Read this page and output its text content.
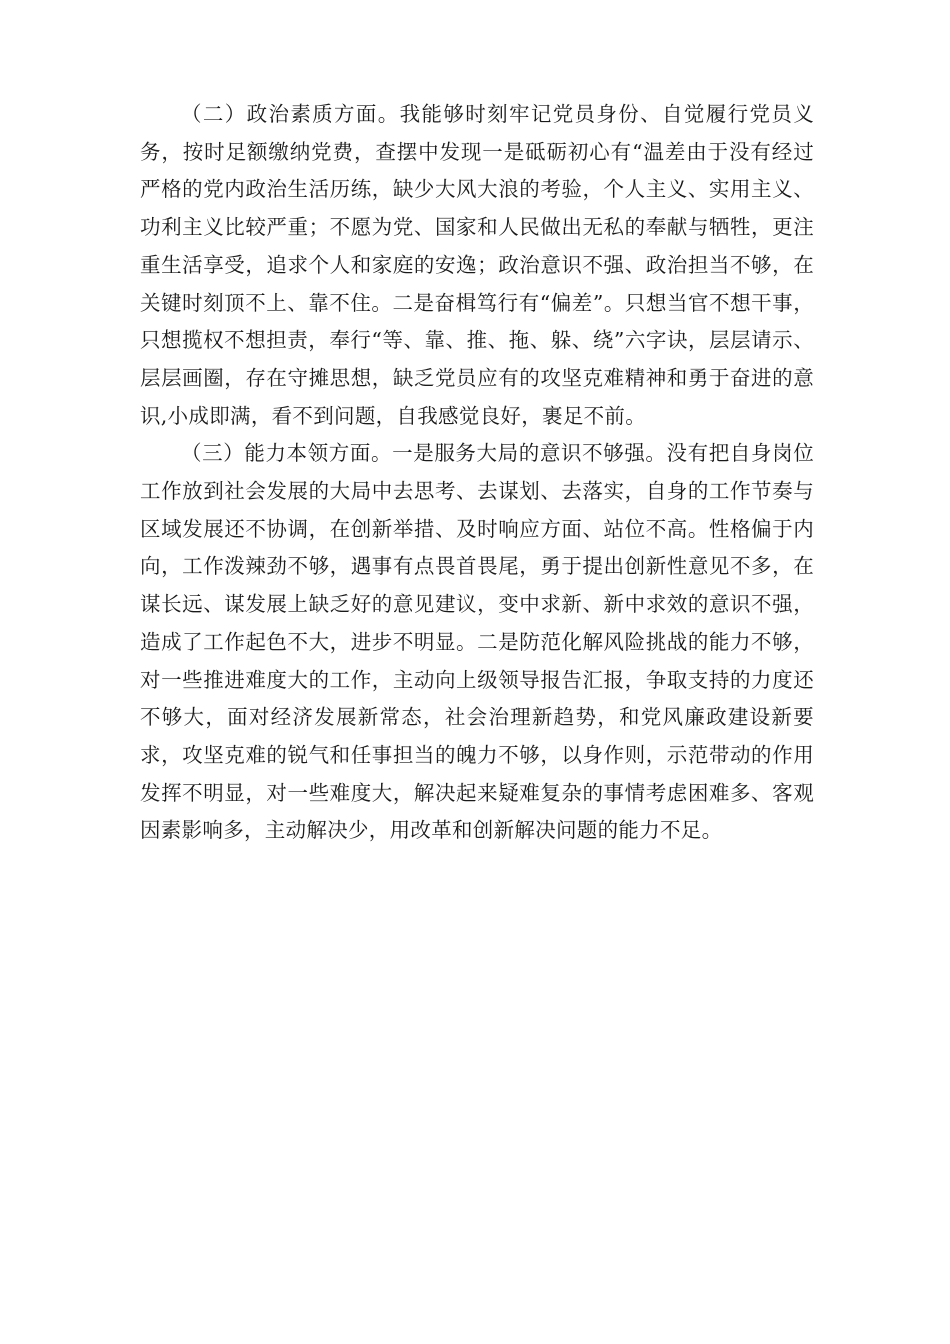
（二）政治素质方面。我能够时刻牢记党员身份、自觉履行党员义务，按时足额缴纳党费，查摆中发现一是砥砺初心有“温差由于没有经过严格的党内政治生活历练，缺少大风大浪的考验，个人主义、实用主义、功利主义比较严重；不愿为党、国家和人民做出无私的奉献与牺牲，更注重生活享受，追求个人和家庭的安逸；政治意识不强、政治担当不够，在关键时刻顶不上、靠不住。二是奋楫笃行有“偏差”。只想当官不想干事，只想揽权不想担责，奉行“等、靠、推、拖、躲、绕”六字诀，层层请示、层层画圈，存在守摊思想，缺乏党员应有的攻坚克难精神和勇于奋进的意识,小成即满，看不到问题，自我感觉良好，裹足不前。

（三）能力本领方面。一是服务大局的意识不够强。没有把自身岗位工作放到社会发展的大局中去思考、去谋划、去落实，自身的工作节奏与区域发展还不协调，在创新举措、及时响应方面、站位不高。性格偏于内向，工作泼辣劲不够，遇事有点畏首畏尾，勇于提出创新性意见不多，在谋长远、谋发展上缺乏好的意见建议，变中求新、新中求效的意识不强，造成了工作起色不大，进步不明显。二是防范化解风险挑战的能力不够，对一些推进难度大的工作，主动向上级领导报告汇报，争取支持的力度还不够大，面对经济发展新常态，社会治理新趋势，和党风廉政建设新要求，攻坚克难的锐气和任事担当的魄力不够，以身作则，示范带动的作用发挥不明显，对一些难度大，解决起来疑难复杂的事情考虑困难多、客观因素影响多，主动解决少，用改革和创新解决问题的能力不足。
